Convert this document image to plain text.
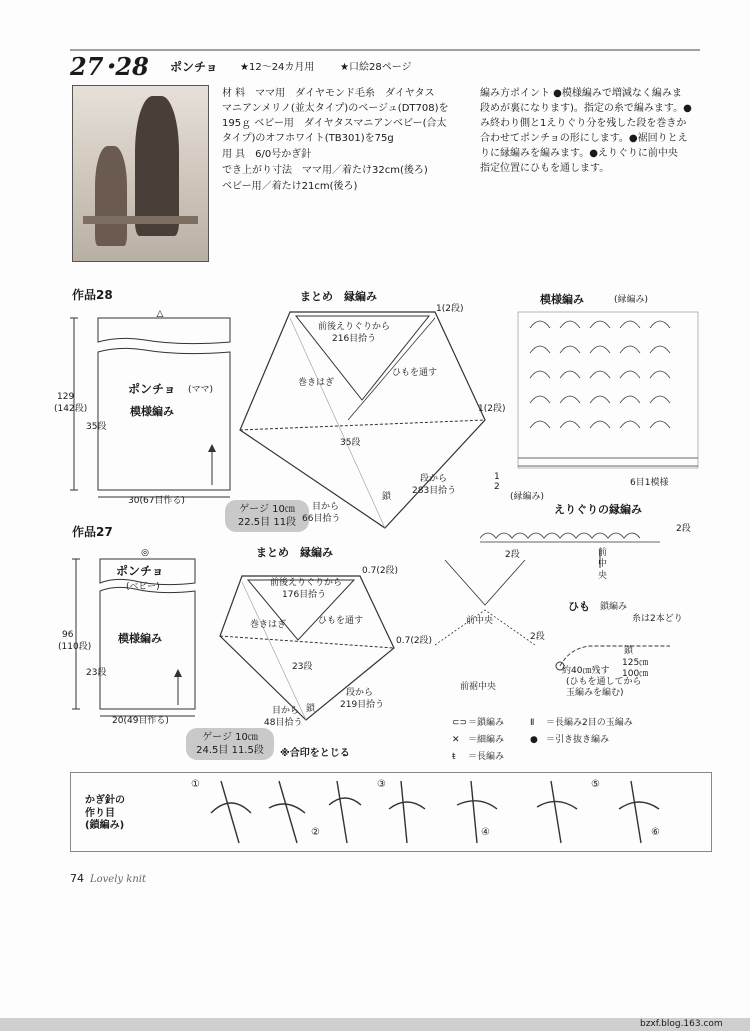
27･28 ポンチョ ★12～24カ月用	★口絵28ページ
材 料　ママ用　ダイヤモンド毛糸　ダイヤタス
マニアンメリノ(並太タイプ)のベージュ(DT708)を
195ｇ ベビー用　ダイヤタスマニアンベビー(合太
タイプ)のオフホワイト(TB301)を75g
用 具　6/0号かぎ針
でき上がり寸法　ママ用／着たけ32cm(後ろ)
ベビー用／着たけ21cm(後ろ)
編み方ポイント ●模様編みで増減なく編みま
段めが裏になります)。指定の糸で編みます。●
み終わり側と1えりぐり分を残した段を巻きか
合わせてポンチョの形にします。●裾回りとえ
りに縁編みを編みます。●えりぐりに前中央
指定位置にひもを通します。
作品28
△
ポンチョ (ママ)
模様編み
129
(142段)
35段
30(67目作る)
ゲージ 10㎝
22.5目 11段
まとめ　縁編み
前後えりぐりから
216目拾う
1(2段)
1(2段)
巻きはぎ
ひもを通す
35段
目から
66目拾う
段から
283目拾う
鎖
模様編み	(縁編み)
1
2
(縁編み)
6目1模様
えりぐりの縁編み
2段
前中央
2段
前中央
2段
前裾中央
ひも 鎖編み
糸は2本どり
鎖
125㎝
100㎝
約40㎝残す
(ひもを通してから
玉編みを編む)
作品27
◎
ポンチョ
(ベビー)
模様編み
96
(110段)
23段
20(49目作る)
ゲージ 10㎝
24.5目 11.5段
まとめ　縁編み
前後えりぐりから
176目拾う
0.7(2段)
0.7(2段)
巻きはぎ	ひもを通す
23段
目から
48目拾う
段から
219目拾う
鎖
※合印をとじる
⊂⊃＝鎖編み
✕ ＝細編み
ŧ ＝長編み
Ⅱ ＝長編み2目の玉編み
● ＝引き抜き編み
かぎ針の
作り目
(鎖編み)
①
②
③
④
⑤
⑥
74 Lovely knit
bzxf.blog.163.com
